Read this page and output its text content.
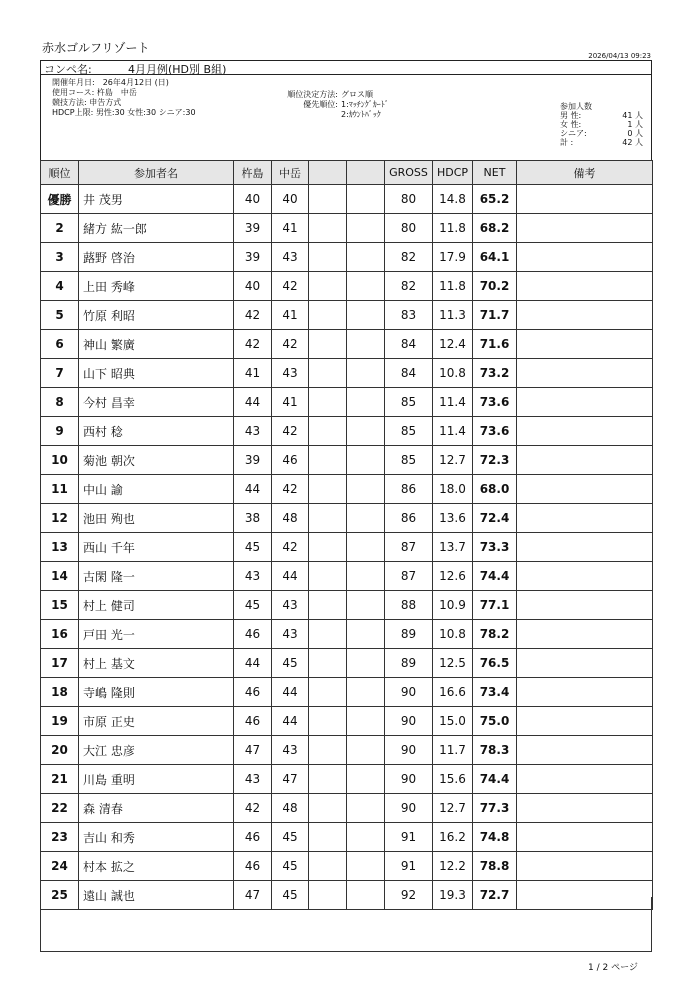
赤水ゴルフリゾート
2026/04/13 09:23
コンペ名:	4月月例(HD別 B組)
開催年月日:　26年4月12日 (日)
使用コース: 杵島　中岳
競技方法: 申告方式
HDCP上限: 男性:30 女性:30 シニア:30
順位決定方法:
優先順位:
グロス順
1:ﾏｯﾁﾝｸﾞｶｰﾄﾞ
2:ｶｳﾝﾄﾊﾞｯｸ
参加人数
男 性:	41 人
女 性:	1 人
シニア:	0 人
計 :	42 人
順位	参加者名	杵島	中岳			GROSS	HDCP	NET	備考
優勝	井 茂男	40	40			80	14.8	65.2	
2	緒方 紘一郎	39	41			80	11.8	68.2	
3	蕗野 啓治	39	43			82	17.9	64.1	
4	上田 秀峰	40	42			82	11.8	70.2	
5	竹原 利昭	42	41			83	11.3	71.7	
6	神山 繁廣	42	42			84	12.4	71.6	
7	山下 昭典	41	43			84	10.8	73.2	
8	今村 昌幸	44	41			85	11.4	73.6	
9	西村 稔	43	42			85	11.4	73.6	
10	菊池 朝次	39	46			85	12.7	72.3	
11	中山 諭	44	42			86	18.0	68.0	
12	池田 殉也	38	48			86	13.6	72.4	
13	西山 千年	45	42			87	13.7	73.3	
14	古閑 隆一	43	44			87	12.6	74.4	
15	村上 健司	45	43			88	10.9	77.1	
16	戸田 光一	46	43			89	10.8	78.2	
17	村上 基文	44	45			89	12.5	76.5	
18	寺嶋 隆則	46	44			90	16.6	73.4	
19	市原 正史	46	44			90	15.0	75.0	
20	大江 忠彦	47	43			90	11.7	78.3	
21	川島 重明	43	47			90	15.6	74.4	
22	森 清春	42	48			90	12.7	77.3	
23	吉山 和秀	46	45			91	16.2	74.8	
24	村本 拡之	46	45			91	12.2	78.8	
25	遠山 誠也	47	45			92	19.3	72.7	
1 / 2 ページ
